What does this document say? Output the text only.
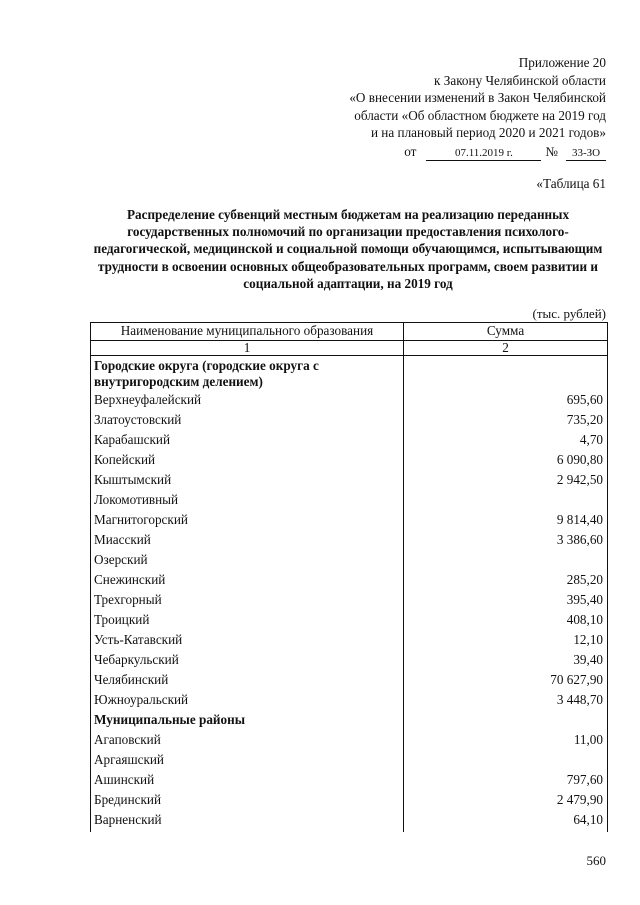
Приложение 20
к Закону Челябинской области
«О внесении изменений в Закон Челябинской
области «Об областном бюджете на 2019 год
и на плановый период 2020 и 2021 годов»
от	07.11.2019 г.	№	33-ЗО
«Таблица 61
Распределение субвенций местным бюджетам на реализацию переданных государственных полномочий по организации предоставления психолого-педагогической, медицинской и социальной помощи обучающимся, испытывающим трудности в освоении основных общеобразовательных программ, своем развитии и социальной адаптации, на 2019 год
(тыс. рублей)
Наименование муниципального образования	Сумма
1	2
Городские округа (городские округа с внутригородским делением)	
Верхнеуфалейский	695,60
Златоустовский	735,20
Карабашский	4,70
Копейский	6 090,80
Кыштымский	2 942,50
Локомотивный	
Магнитогорский	9 814,40
Миасский	3 386,60
Озерский	
Снежинский	285,20
Трехгорный	395,40
Троицкий	408,10
Усть-Катавский	12,10
Чебаркульский	39,40
Челябинский	70 627,90
Южноуральский	3 448,70
Муниципальные районы	
Агаповский	11,00
Аргаяшский	
Ашинский	797,60
Брединский	2 479,90
Варненский	64,10
560
